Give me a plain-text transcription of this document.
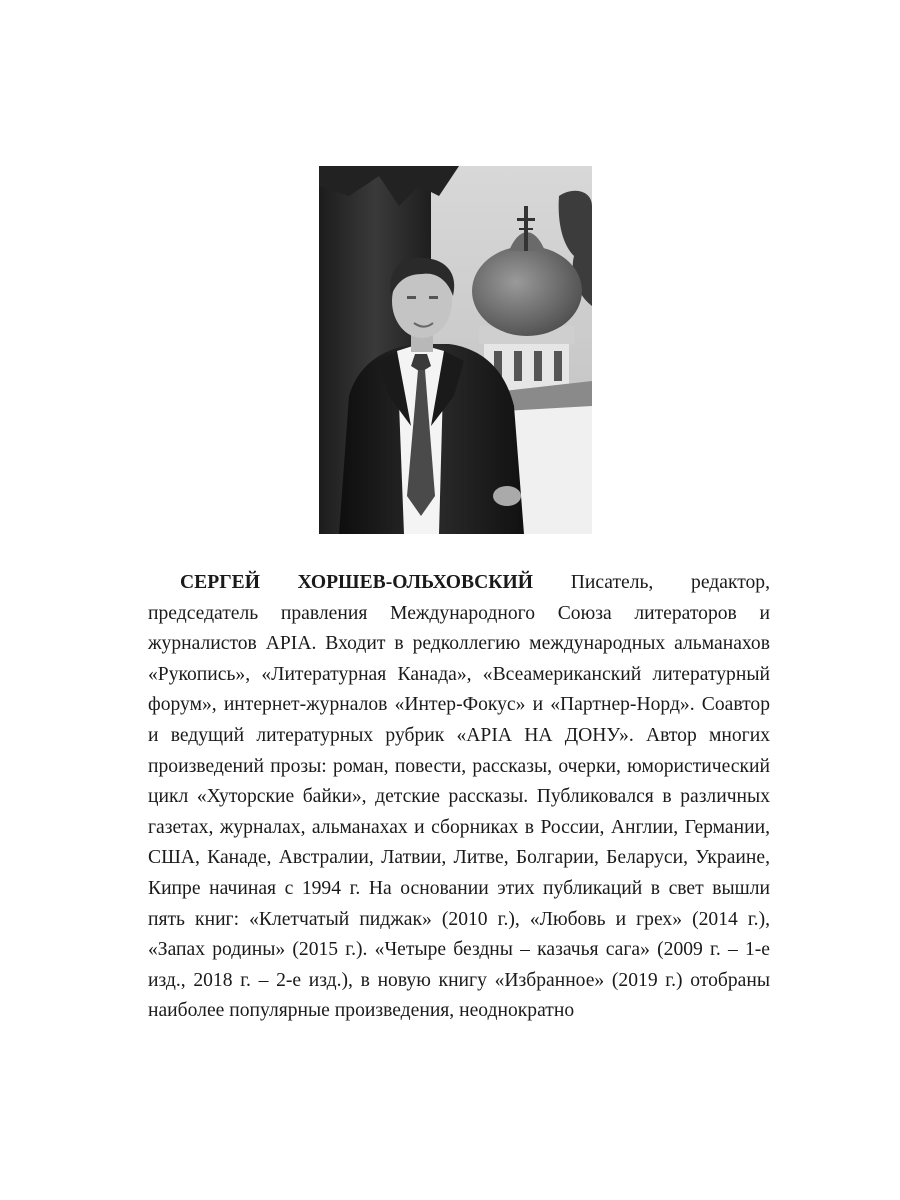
СЕРГЕЙ ХОРШЕВ-ОЛЬХОВСКИЙ Писатель, редактор, председатель правления Международного Союза литераторов и журналистов АРІА. Входит в редколлегию международных альманахов «Рукопись», «Литературная Канада», «Всеамериканский литературный форум», интернет-журналов «Интер-Фокус» и «Партнер-Норд». Соавтор и ведущий литературных рубрик «АРІА НА ДОНУ». Автор многих произведений прозы: роман, повести, рассказы, очерки, юмористический цикл «Хуторские байки», детские рассказы. Публиковался в различных газетах, журналах, альманахах и сборниках в России, Англии, Германии, США, Канаде, Австралии, Латвии, Литве, Болгарии, Беларуси, Украине, Кипре начиная с 1994 г. На основании этих публикаций в свет вышли пять книг: «Клетчатый пиджак» (2010 г.), «Любовь и грех» (2014 г.), «Запах родины» (2015 г.). «Четыре бездны – казачья сага» (2009 г. – 1-е изд., 2018 г. – 2-е изд.), в новую книгу «Избранное» (2019 г.) отобраны наиболее популярные произведения, неоднократно
